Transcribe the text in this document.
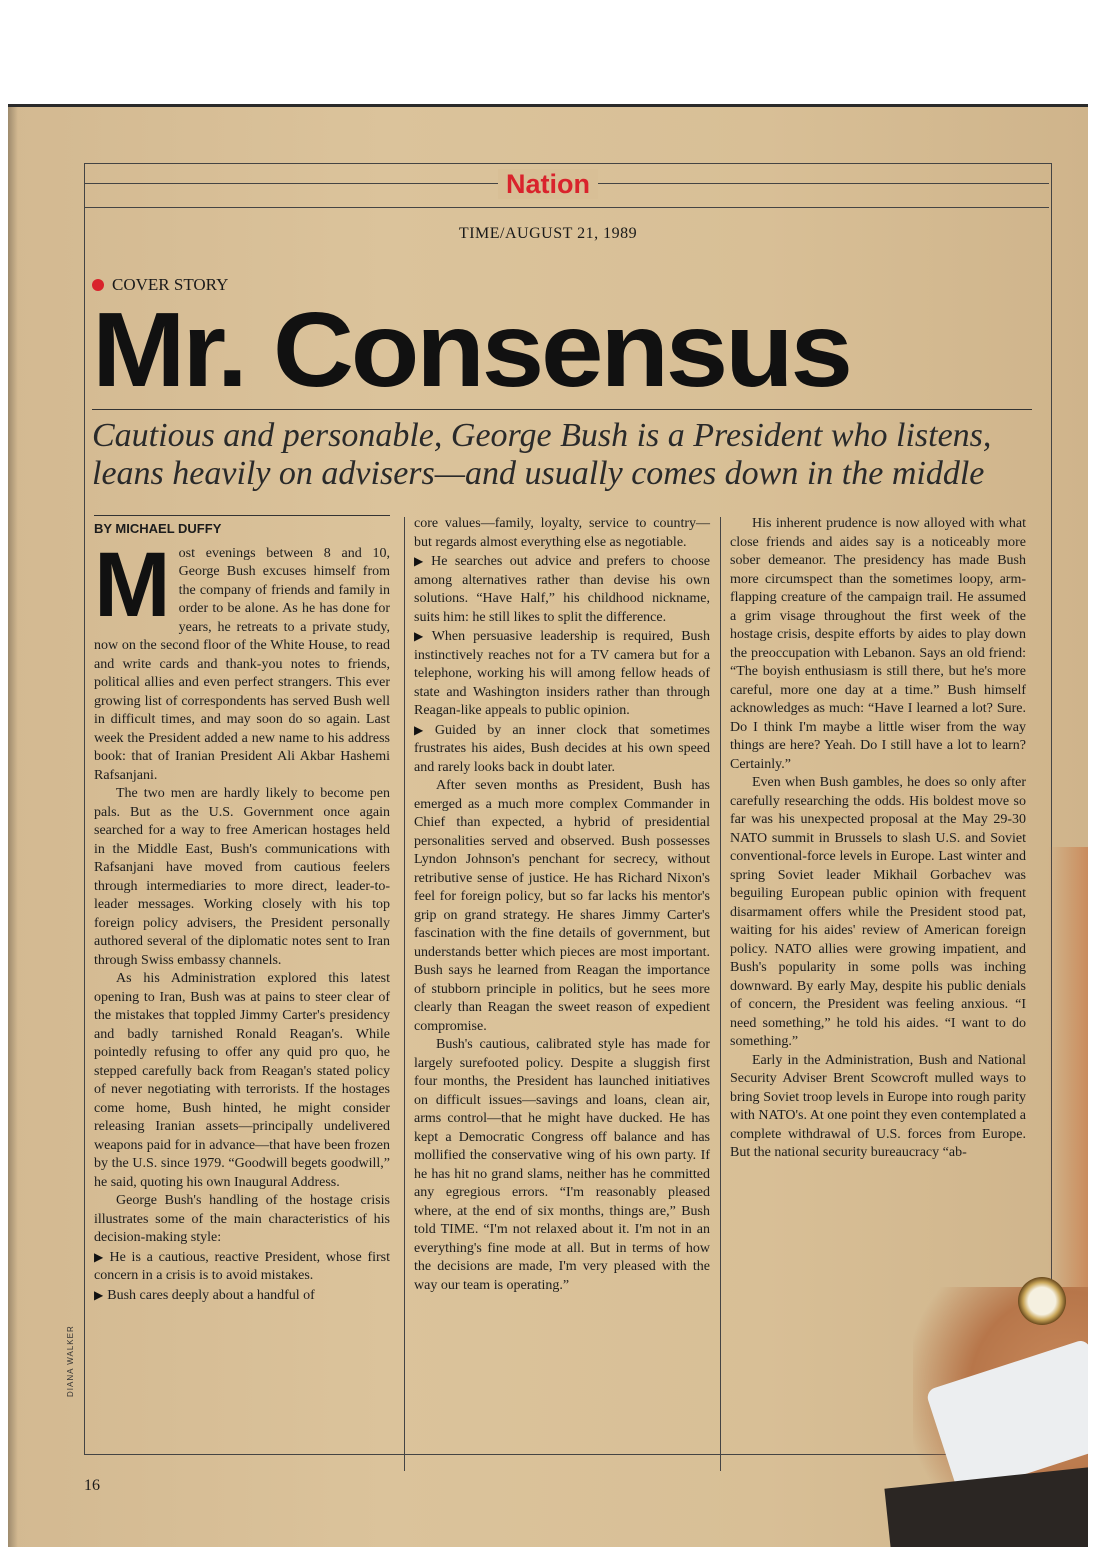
Nation
TIME/AUGUST 21, 1989
COVER STORY
Mr. Consensus
Cautious and personable, George Bush is a President who listens,
leans heavily on advisers—and usually comes down in the middle
BY MICHAEL DUFFY

Most evenings between 8 and 10, George Bush excuses himself from the company of friends and family in order to be alone. As he has done for years, he retreats to a private study, now on the second floor of the White House, to read and write cards and thank-you notes to friends, political allies and even perfect strangers. This ever growing list of correspondents has served Bush well in difficult times, and may soon do so again. Last week the President added a new name to his address book: that of Iranian President Ali Akbar Hashemi Rafsanjani.

The two men are hardly likely to become pen pals. But as the U.S. Government once again searched for a way to free American hostages held in the Middle East, Bush's communications with Rafsanjani have moved from cautious feelers through intermediaries to more direct, leader-to-leader messages. Working closely with his top foreign policy advisers, the President personally authored several of the diplomatic notes sent to Iran through Swiss embassy channels.

As his Administration explored this latest opening to Iran, Bush was at pains to steer clear of the mistakes that toppled Jimmy Carter's presidency and badly tarnished Ronald Reagan's. While pointedly refusing to offer any quid pro quo, he stepped carefully back from Reagan's stated policy of never negotiating with terrorists. If the hostages come home, Bush hinted, he might consider releasing Iranian assets—principally undelivered weapons paid for in advance—that have been frozen by the U.S. since 1979. “Goodwill begets goodwill,” he said, quoting his own Inaugural Address.

George Bush's handling of the hostage crisis illustrates some of the main characteristics of his decision-making style:

▶ He is a cautious, reactive President, whose first concern in a crisis is to avoid mistakes.

▶ Bush cares deeply about a handful of

core values—family, loyalty, service to country—but regards almost everything else as negotiable.

▶ He searches out advice and prefers to choose among alternatives rather than devise his own solutions. “Have Half,” his childhood nickname, suits him: he still likes to split the difference.

▶ When persuasive leadership is required, Bush instinctively reaches not for a TV camera but for a telephone, working his will among fellow heads of state and Washington insiders rather than through Reagan-like appeals to public opinion.

▶ Guided by an inner clock that sometimes frustrates his aides, Bush decides at his own speed and rarely looks back in doubt later.

After seven months as President, Bush has emerged as a much more complex Commander in Chief than expected, a hybrid of presidential personalities served and observed. Bush possesses Lyndon Johnson's penchant for secrecy, without retributive sense of justice. He has Richard Nixon's feel for foreign policy, but so far lacks his mentor's grip on grand strategy. He shares Jimmy Carter's fascination with the fine details of government, but understands better which pieces are most important. Bush says he learned from Reagan the importance of stubborn principle in politics, but he sees more clearly than Reagan the sweet reason of expedient compromise.

Bush's cautious, calibrated style has made for largely surefooted policy. Despite a sluggish first four months, the President has launched initiatives on difficult issues—savings and loans, clean air, arms control—that he might have ducked. He has kept a Democratic Congress off balance and has mollified the conservative wing of his own party. If he has hit no grand slams, neither has he committed any egregious errors. “I'm reasonably pleased where, at the end of six months, things are,” Bush told TIME. “I'm not relaxed about it. I'm not in an everything's fine mode at all. But in terms of how the decisions are made, I'm very pleased with the way our team is operating.”

His inherent prudence is now alloyed with what close friends and aides say is a noticeably more sober demeanor. The presidency has made Bush more circumspect than the sometimes loopy, arm-flapping creature of the campaign trail. He assumed a grim visage throughout the first week of the hostage crisis, despite efforts by aides to play down the preoccupation with Lebanon. Says an old friend: “The boyish enthusiasm is still there, but he's more careful, more one day at a time.” Bush himself acknowledges as much: “Have I learned a lot? Sure. Do I think I'm maybe a little wiser from the way things are here? Yeah. Do I still have a lot to learn? Certainly.”

Even when Bush gambles, he does so only after carefully researching the odds. His boldest move so far was his unexpected proposal at the May 29-30 NATO summit in Brussels to slash U.S. and Soviet conventional-force levels in Europe. Last winter and spring Soviet leader Mikhail Gorbachev was beguiling European public opinion with frequent disarmament offers while the President stood pat, waiting for his aides' review of American foreign policy. NATO allies were growing impatient, and Bush's popularity in some polls was inching downward. By early May, despite his public denials of concern, the President was feeling anxious. “I need something,” he told his aides. “I want to do something.”

Early in the Administration, Bush and National Security Adviser Brent Scowcroft mulled ways to bring Soviet troop levels in Europe into rough parity with NATO's. At one point they even contemplated a complete withdrawal of U.S. forces from Europe. But the national security bureaucracy “ab-

DIANA WALKER
16
